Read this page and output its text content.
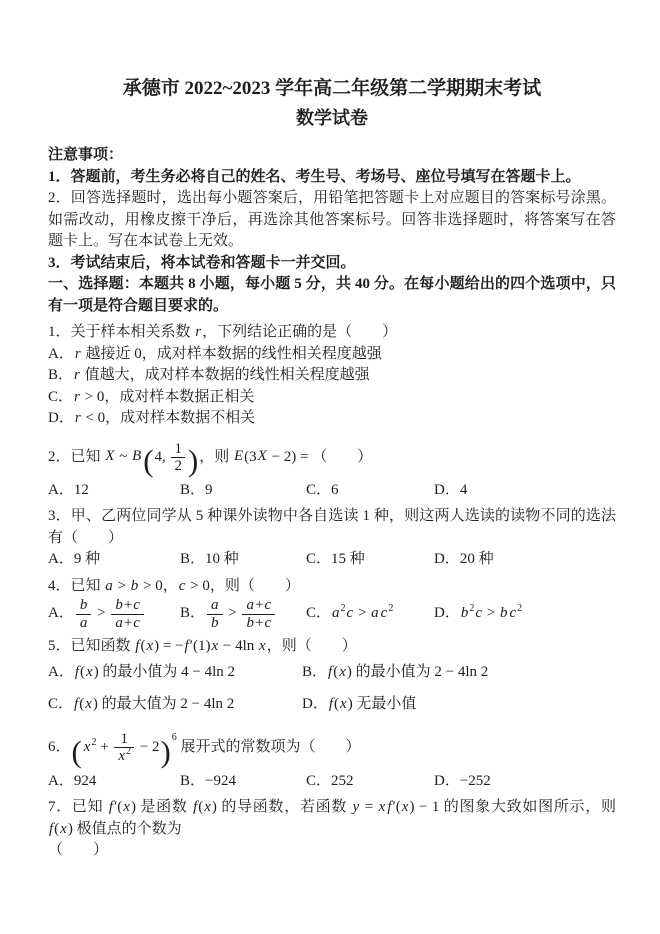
承德市 2022~2023 学年高二年级第二学期期末考试
数学试卷

注意事项：

1．答题前，考生务必将自己的姓名、考生号、考场号、座位号填写在答题卡上。

2．回答选择题时，选出每小题答案后，用铅笔把答题卡上对应题目的答案标号涂黑。如需改动，用橡皮擦干净后，再选涂其他答案标号。回答非选择题时，将答案写在答题卡上。写在本试卷上无效。

3．考试结束后，将本试卷和答题卡一并交回。

一、选择题：本题共 8 小题，每小题 5 分，共 40 分。在每小题给出的四个选项中，只有一项是符合题目要求的。

1．关于样本相关系数 r，下列结论正确的是（　　）

A．r 越接近 0，成对样本数据的线性相关程度越强

B．r 值越大，成对样本数据的线性相关程度越强

C．r > 0，成对样本数据正相关

D．r < 0，成对样本数据不相关

2．已知 X ~ B(4, $\frac{1}{2}$ )，则 E(3X − 2) = （　　）

A．12	B．9	C．6	D．4

3．甲、乙两位同学从 5 种课外读物中各自选读 1 种，则这两人选读的读物不同的选法有（　　）

A．9 种	B．10 种	C．15 种	D．20 种

4．已知 a > b > 0，c > 0，则（　　）

A． $\frac{b}{a} > \frac{b+c}{a+c}$ B． $\frac{a}{b} > \frac{a+c}{b+c}$ C．$a^2c > a$ $c^2$	D．$b^2c > b$ $c^2$

5．已知函数 f(x) = −f′(1)x − 4ln x，则（　　）

A．f(x) 的最小值为 4 − 4ln 2	B．f(x) 的最小值为 2 − 4ln 2
C．f(x) 的最大值为 2 − 4ln 2	D．f(x) 无最小值

6．( $x^2 + \frac{1}{x^2} - 2)^6$ 展开式的常数项为（　　）

A．924	B．−924	C．252	D．−252

7．已知 f′(x) 是函数 f(x) 的导函数，若函数 y = x f′(x) − 1 的图象大致如图所示，则 f(x) 极值点的个数为

（　　）
